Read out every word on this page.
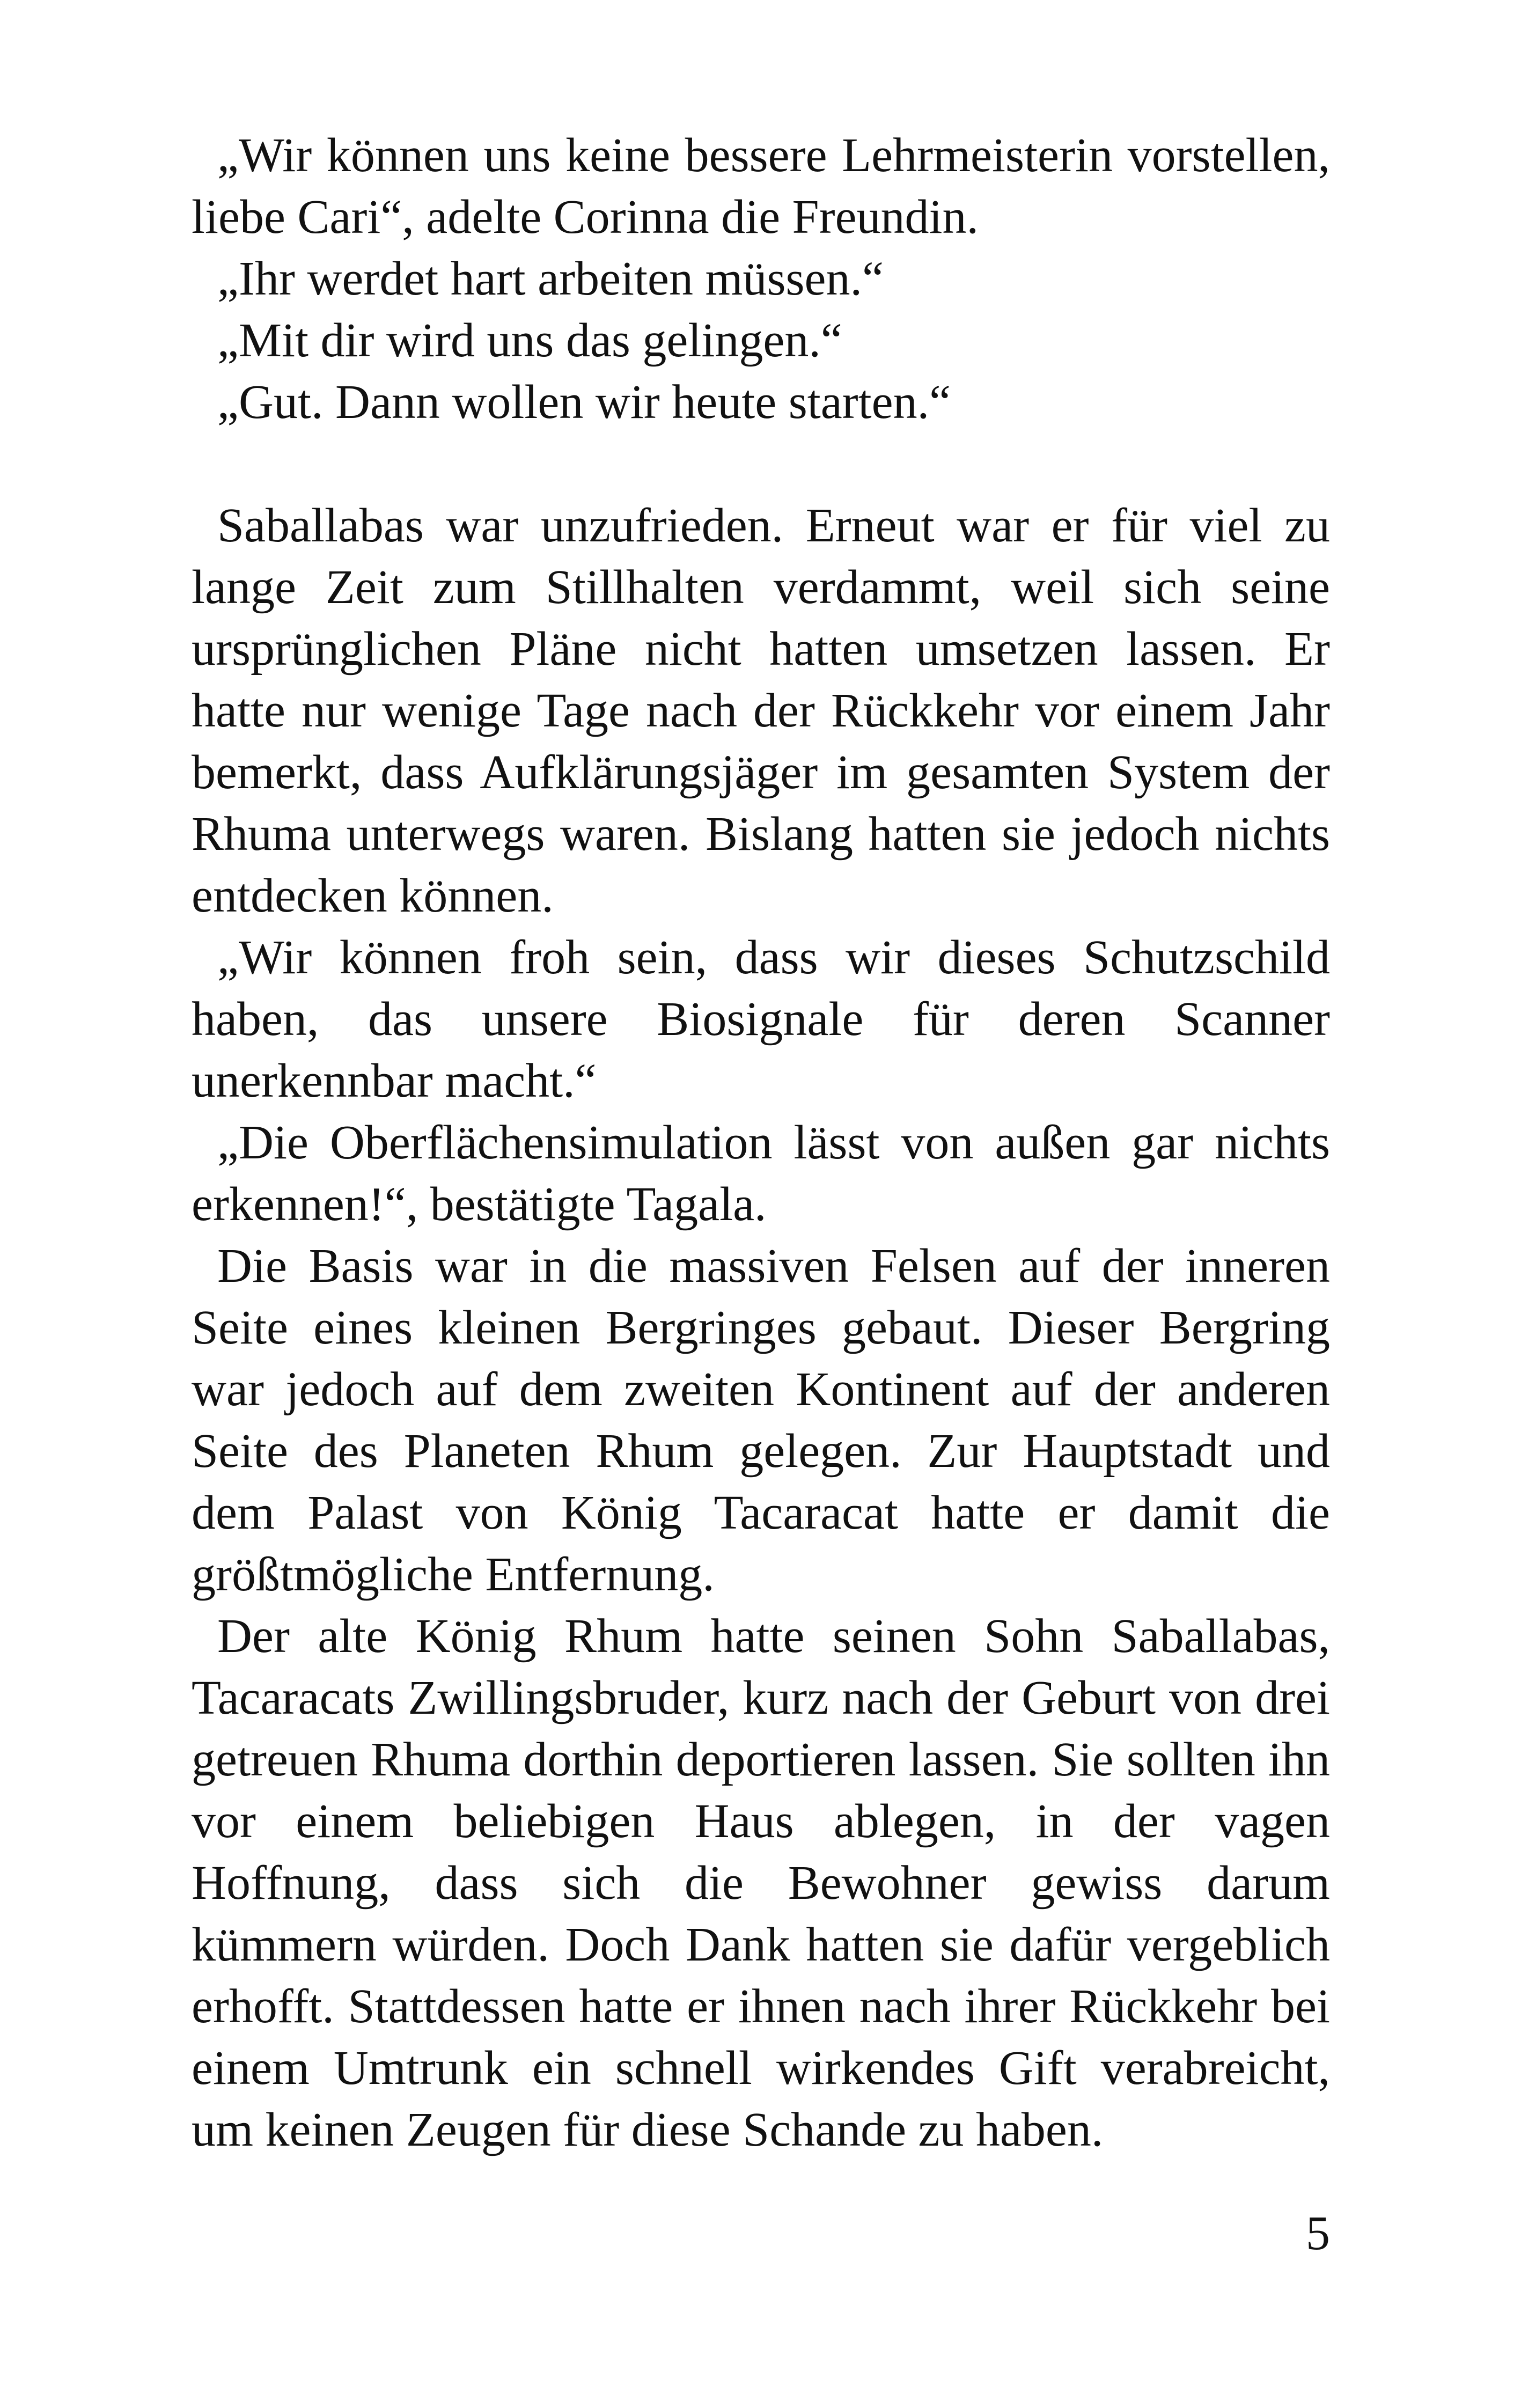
„Wir können uns keine bessere Lehrmeisterin vorstellen, liebe Cari“, adelte Corinna die Freundin.

„Ihr werdet hart arbeiten müssen.“

„Mit dir wird uns das gelingen.“

„Gut. Dann wollen wir heute starten.“

Saballabas war unzufrieden. Erneut war er für viel zu lange Zeit zum Stillhalten verdammt, weil sich seine ursprünglichen Pläne nicht hatten umsetzen lassen. Er hatte nur wenige Tage nach der Rückkehr vor einem Jahr bemerkt, dass Aufklärungsjäger im gesamten System der Rhuma unterwegs waren. Bislang hatten sie jedoch nichts entdecken können.

„Wir können froh sein, dass wir dieses Schutzschild haben, das unsere Biosignale für deren Scanner unerkennbar macht.“

„Die Oberflächensimulation lässt von außen gar nichts erkennen!“, bestätigte Tagala.

Die Basis war in die massiven Felsen auf der inneren Seite eines kleinen Bergringes gebaut. Dieser Bergring war jedoch auf dem zweiten Kontinent auf der anderen Seite des Planeten Rhum gelegen. Zur Hauptstadt und dem Palast von König Tacaracat hatte er damit die größtmögliche Entfernung.

Der alte König Rhum hatte seinen Sohn Saballabas, Tacaracats Zwillingsbruder, kurz nach der Geburt von drei getreuen Rhuma dorthin deportieren lassen. Sie sollten ihn vor einem beliebigen Haus ablegen, in der vagen Hoffnung, dass sich die Bewohner gewiss darum kümmern würden. Doch Dank hatten sie dafür vergeblich erhofft. Stattdessen hatte er ihnen nach ihrer Rückkehr bei einem Umtrunk ein schnell wirkendes Gift verabreicht, um keinen Zeugen für diese Schande zu haben.

5
